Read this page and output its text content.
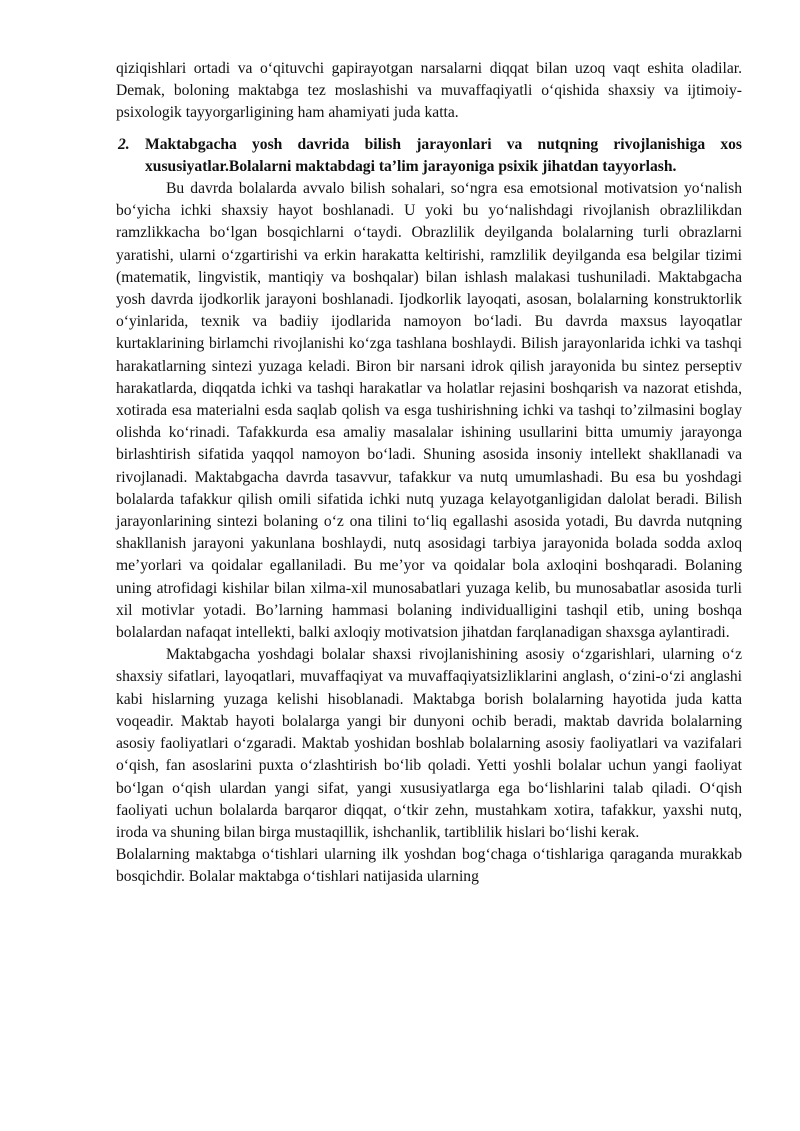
qiziqishlari ortadi va o‘qituvchi gapirayotgan narsalarni diqqat bilan uzoq vaqt eshita oladilar. Demak, boloning maktabga tez moslashishi va muvaffaqiyatli o‘qishida shaxsiy va ijtimoiy-psixologik tayyorgarligining ham ahamiyati juda katta.

2. Maktabgacha yosh davrida bilish jarayonlari va nutqning rivojlanishiga xos xususiyatlar.Bolalarni maktabdagi ta’lim jarayoniga psixik jihatdan tayyorlash.

Bu davrda bolalarda avvalo bilish sohalari, so‘ngra esa emotsional motivatsion yo‘nalish bo‘yicha ichki shaxsiy hayot boshlanadi. U yoki bu yo‘nalishdagi rivojlanish obrazlilikdan ramzlikkacha bo‘lgan bosqichlarni o‘taydi. Obrazlilik deyilganda bolalarning turli obrazlarni yaratishi, ularni o‘zgartirishi va erkin harakatta keltirishi, ramzlilik deyilganda esa belgilar tizimi (matematik, lingvistik, mantiqiy va boshqalar) bilan ishlash malakasi tushuniladi. Maktabgacha yosh davrda ijodkorlik jarayoni boshlanadi. Ijodkorlik layoqati, asosan, bolalarning konstruktorlik o‘yinlarida, texnik va badiiy ijodlarida namoyon bo‘ladi. Bu davrda maxsus layoqatlar kurtaklarining birlamchi rivojlanishi ko‘zga tashlana boshlaydi. Bilish jarayonlarida ichki va tashqi harakatlarning sintezi yuzaga keladi. Biron bir narsani idrok qilish jarayonida bu sintez perseptiv harakatlarda, diqqatda ichki va tashqi harakatlar va holatlar rejasini boshqarish va nazorat etishda, xotirada esa materialni esda saqlab qolish va esga tushirishning ichki va tashqi to’zilmasini boglay olishda ko‘rinadi. Tafakkurda esa amaliy masalalar ishining usullarini bitta umumiy jarayonga birlashtirish sifatida yaqqol namoyon bo‘ladi. Shuning asosida insoniy intellekt shakllanadi va rivojlanadi. Maktabgacha davrda tasavvur, tafakkur va nutq umumlashadi. Bu esa bu yoshdagi bolalarda tafakkur qilish omili sifatida ichki nutq yuzaga kelayotganligidan dalolat beradi. Bilish jarayonlarining sintezi bolaning o‘z ona tilini to‘liq egallashi asosida yotadi, Bu davrda nutqning shakllanish jarayoni yakunlana boshlaydi, nutq asosidagi tarbiya jarayonida bolada sodda axloq me’yorlari va qoidalar egallaniladi. Bu me’yor va qoidalar bola axloqini boshqaradi. Bolaning uning atrofidagi kishilar bilan xilma-xil munosabatlari yuzaga kelib, bu munosabatlar asosida turli xil motivlar yotadi. Bo’larning hammasi bolaning individualligini tashqil etib, uning boshqa bolalardan nafaqat intellekti, balki axloqiy motivatsion jihatdan farqlanadigan shaxsga aylantiradi.

Maktabgacha yoshdagi bolalar shaxsi rivojlanishining asosiy o‘zgarishlari, ularning o‘z shaxsiy sifatlari, layoqatlari, muvaffaqiyat va muvaffaqiyatsizliklarini anglash, o‘zini-o‘zi anglashi kabi hislarning yuzaga kelishi hisoblanadi. Maktabga borish bolalarning hayotida juda katta voqeadir. Maktab hayoti bolalarga yangi bir dunyoni ochib beradi, maktab davrida bolalarning asosiy faoliyatlari o‘zgaradi. Maktab yoshidan boshlab bolalarning asosiy faoliyatlari va vazifalari o‘qish, fan asoslarini puxta o‘zlashtirish bo‘lib qoladi. Yetti yoshli bolalar uchun yangi faoliyat bo‘lgan o‘qish ulardan yangi sifat, yangi xususiyatlarga ega bo‘lishlarini talab qiladi. O‘qish faoliyati uchun bolalarda barqaror diqqat, o‘tkir zehn, mustahkam xotira, tafakkur, yaxshi nutq, iroda va shuning bilan birga mustaqillik, ishchanlik, tartiblilik hislari bo‘lishi kerak.

Bolalarning maktabga o‘tishlari ularning ilk yoshdan bog‘chaga o‘tishlariga qaraganda murakkab bosqichdir. Bolalar maktabga o‘tishlari natijasida ularning
